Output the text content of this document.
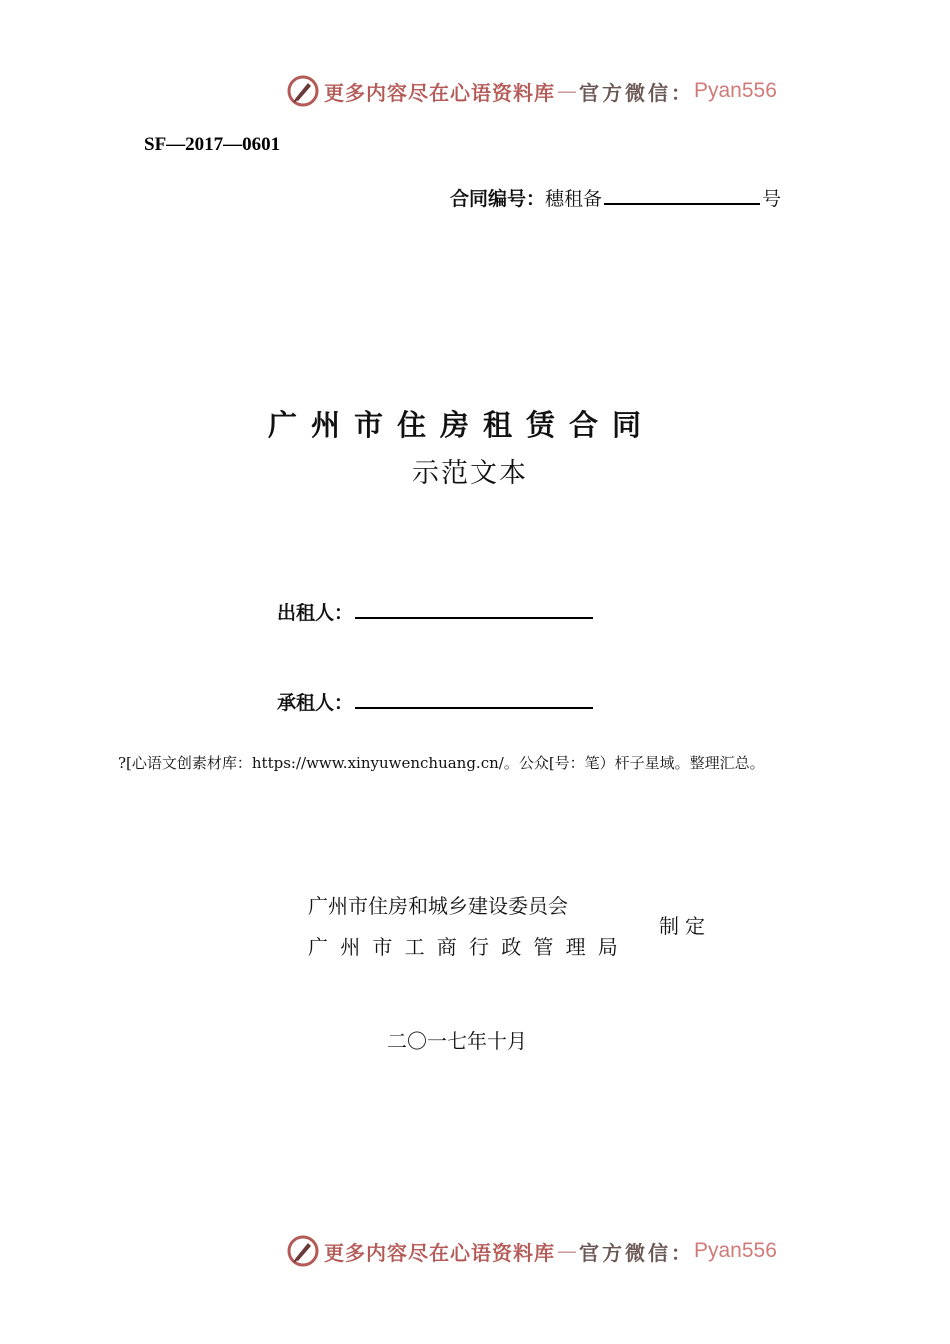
更多内容尽在心语资料库 — 官方微信： Pyan556
SF—2017—0601
合同编号： 穗租备	号
广州市住房租赁合同
示范文本
出租人：
承租人：
?[心语文创素材库：https://www.xinyuwenchuang.cn/。公众[号：笔）杆子星域。整理汇总。
广州市住房和城乡建设委员会
广州市工商行政管理局
制定
二〇一七年十月
更多内容尽在心语资料库 — 官方微信： Pyan556
